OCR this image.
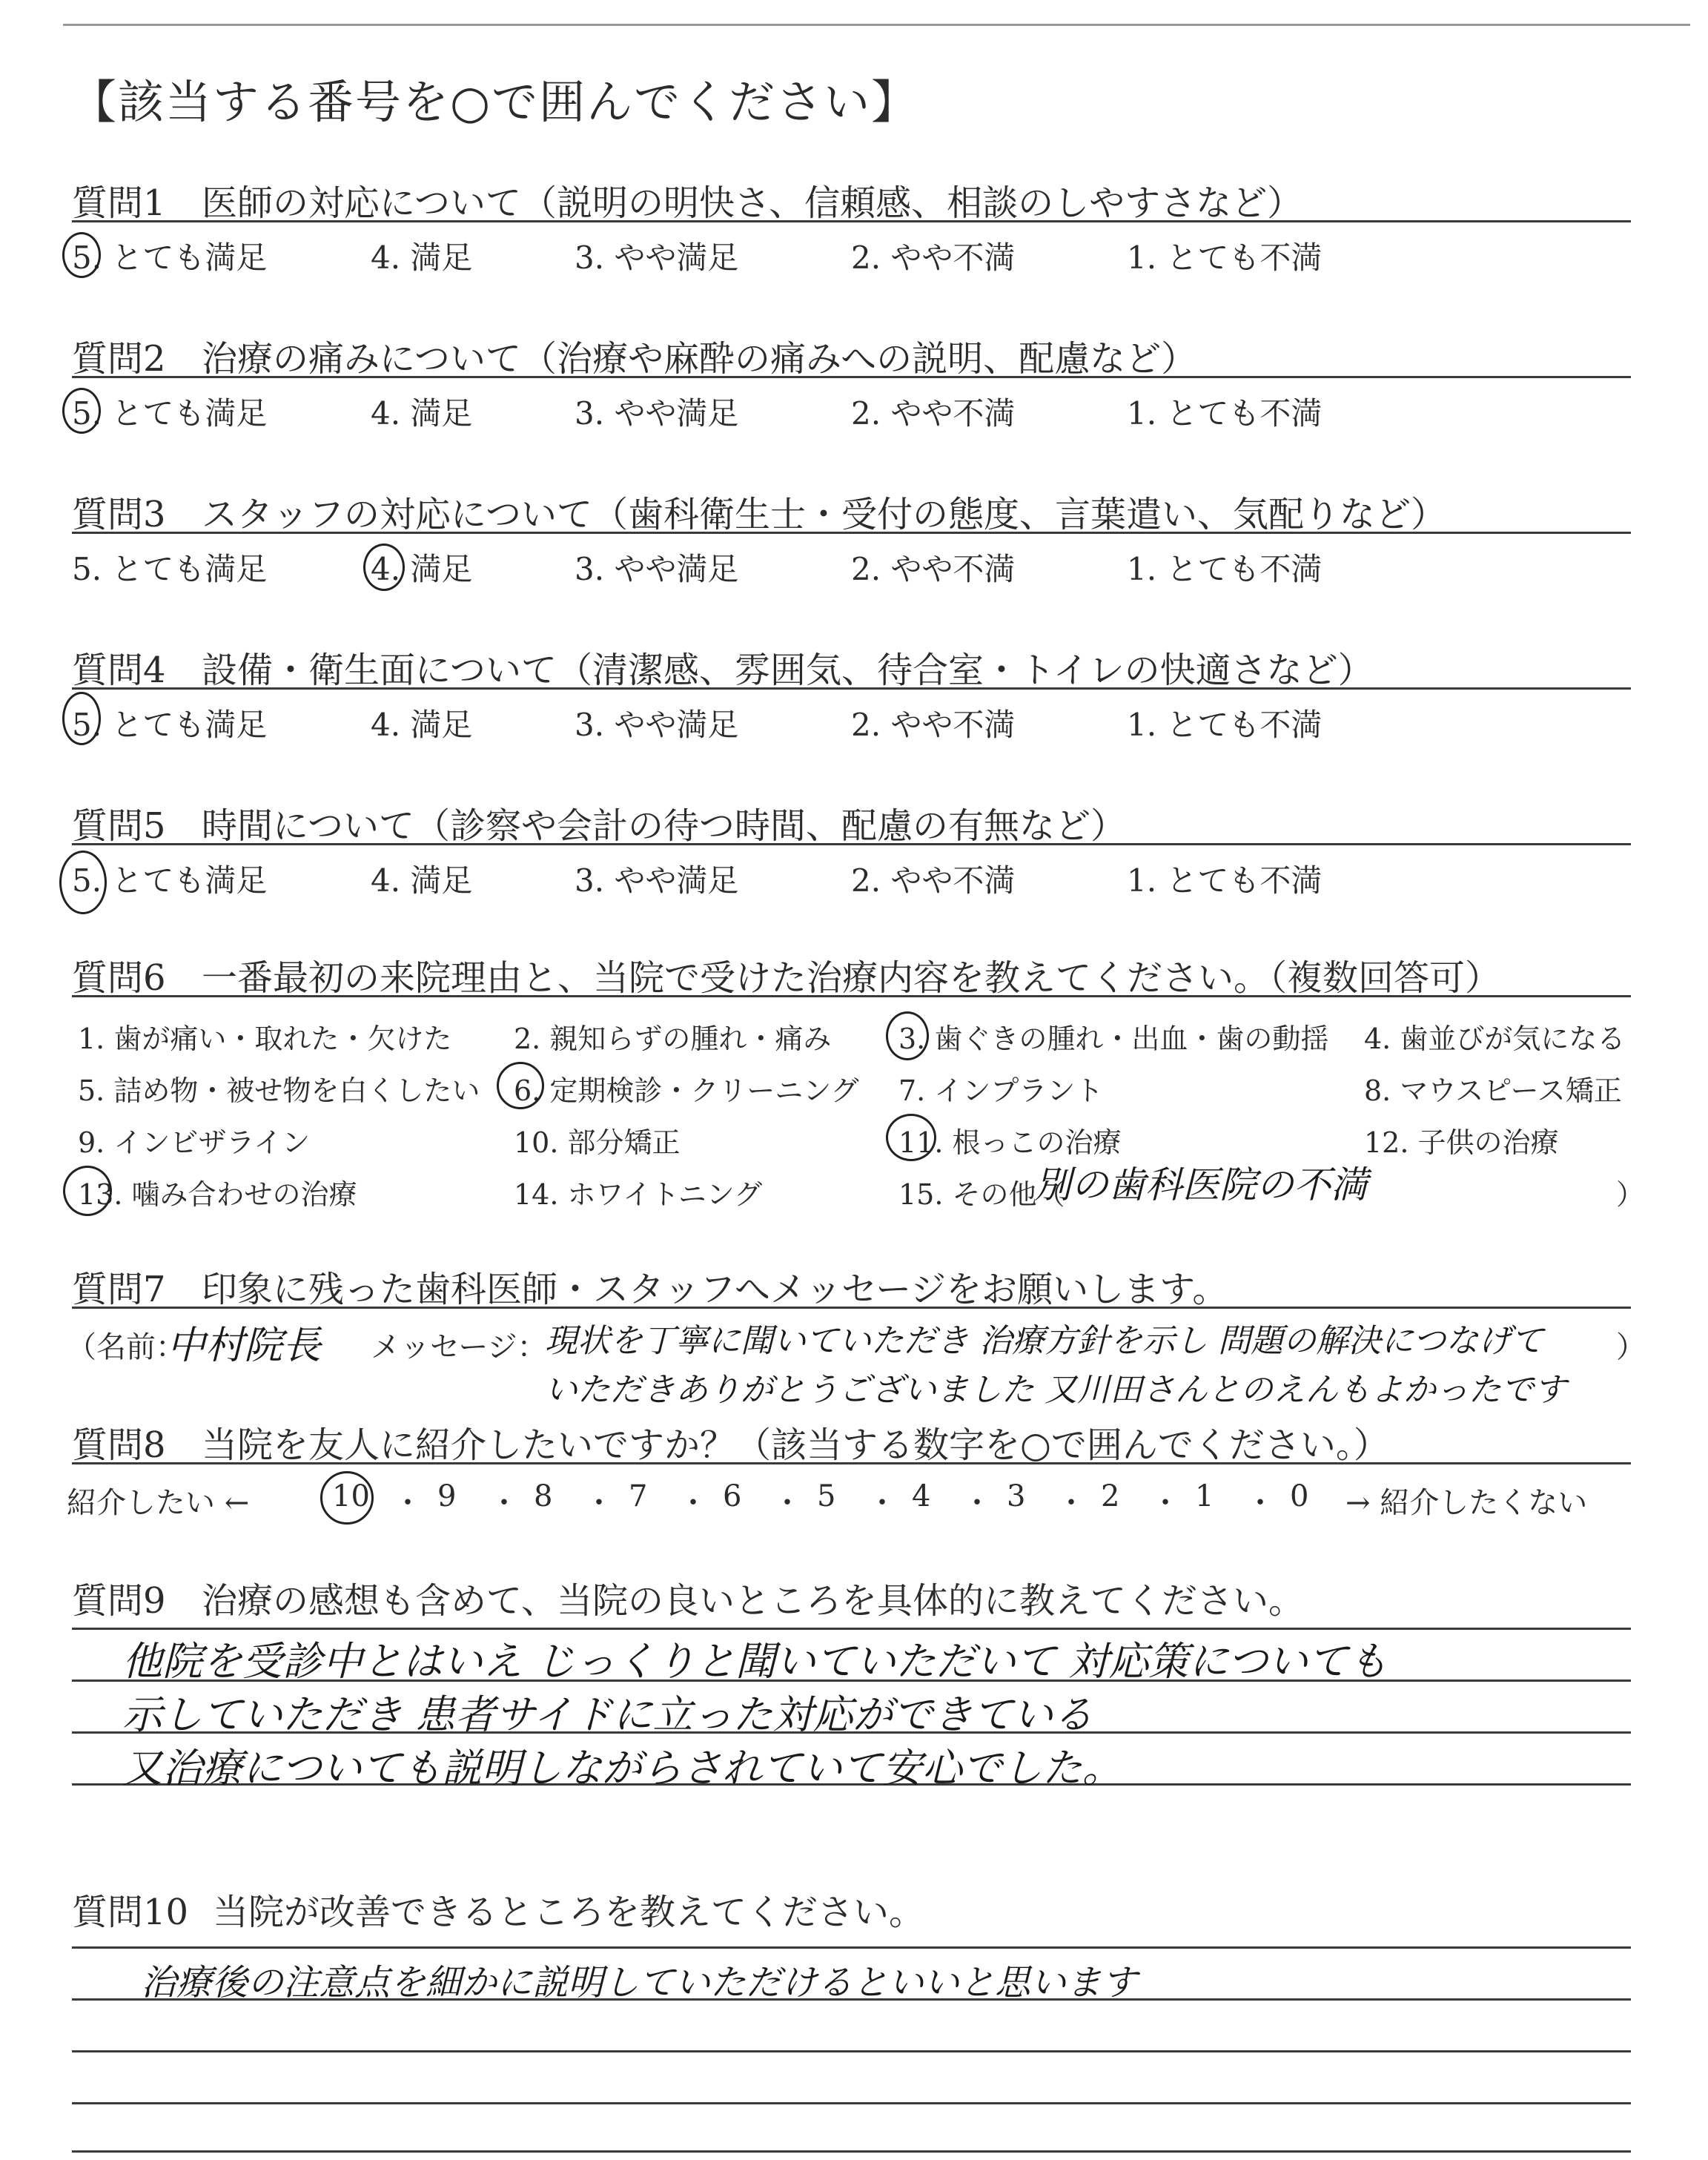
【該当する番号を○で囲んでください】
質問1 医師の対応について（説明の明快さ、信頼感、相談のしやすさなど）
5. とても満足	4. 満足	3. やや満足	2. やや不満	1. とても不満
質問2 治療の痛みについて（治療や麻酔の痛みへの説明、配慮など）
5. とても満足	4. 満足	3. やや満足	2. やや不満	1. とても不満
質問3 スタッフの対応について（歯科衛生士・受付の態度、言葉遣い、気配りなど）
5. とても満足	4. 満足	3. やや満足	2. やや不満	1. とても不満
質問4 設備・衛生面について（清潔感、雰囲気、待合室・トイレの快適さなど）
5. とても満足	4. 満足	3. やや満足	2. やや不満	1. とても不満
質問5 時間について（診察や会計の待つ時間、配慮の有無など）
5. とても満足	4. 満足	3. やや満足	2. やや不満	1. とても不満
質問6 一番最初の来院理由と、当院で受けた治療内容を教えてください。（複数回答可）
1. 歯が痛い・取れた・欠けた 2. 親知らずの腫れ・痛み 3. 歯ぐきの腫れ・出血・歯の動揺 4. 歯並びが気になる
5. 詰め物・被せ物を白くしたい 6. 定期検診・クリーニング 7. インプラント	8. マウスピース矯正
9. インビザライン	10. 部分矯正	11. 根っこの治療	12. 子供の治療
13. 噛み合わせの治療	14. ホワイトニング	15. その他（	）
別の歯科医院の不満
質問7 印象に残った歯科医師・スタッフへメッセージをお願いします。
（名前：
中村院長 メッセージ：
現状を丁寧に聞いていただき 治療方針を示し 問題の解決につなげて ）
いただきありがとうございました 又川田さんとのえんもよかったです
質問8 当院を友人に紹介したいですか？（該当する数字を○で囲んでください。）
紹介したい ←	10 ・ 9 ・ 8 ・ 7 ・ 6 ・ 5 ・ 4 ・ 3 ・ 2 ・ 1 ・ 0 → 紹介したくない
質問9 治療の感想も含めて、当院の良いところを具体的に教えてください。
他院を受診中とはいえ じっくりと聞いていただいて 対応策についても
示していただき 患者サイドに立った対応ができている
又治療についても説明しながらされていて安心でした。
質問10 当院が改善できるところを教えてください。
治療後の注意点を細かに説明していただけるといいと思います
